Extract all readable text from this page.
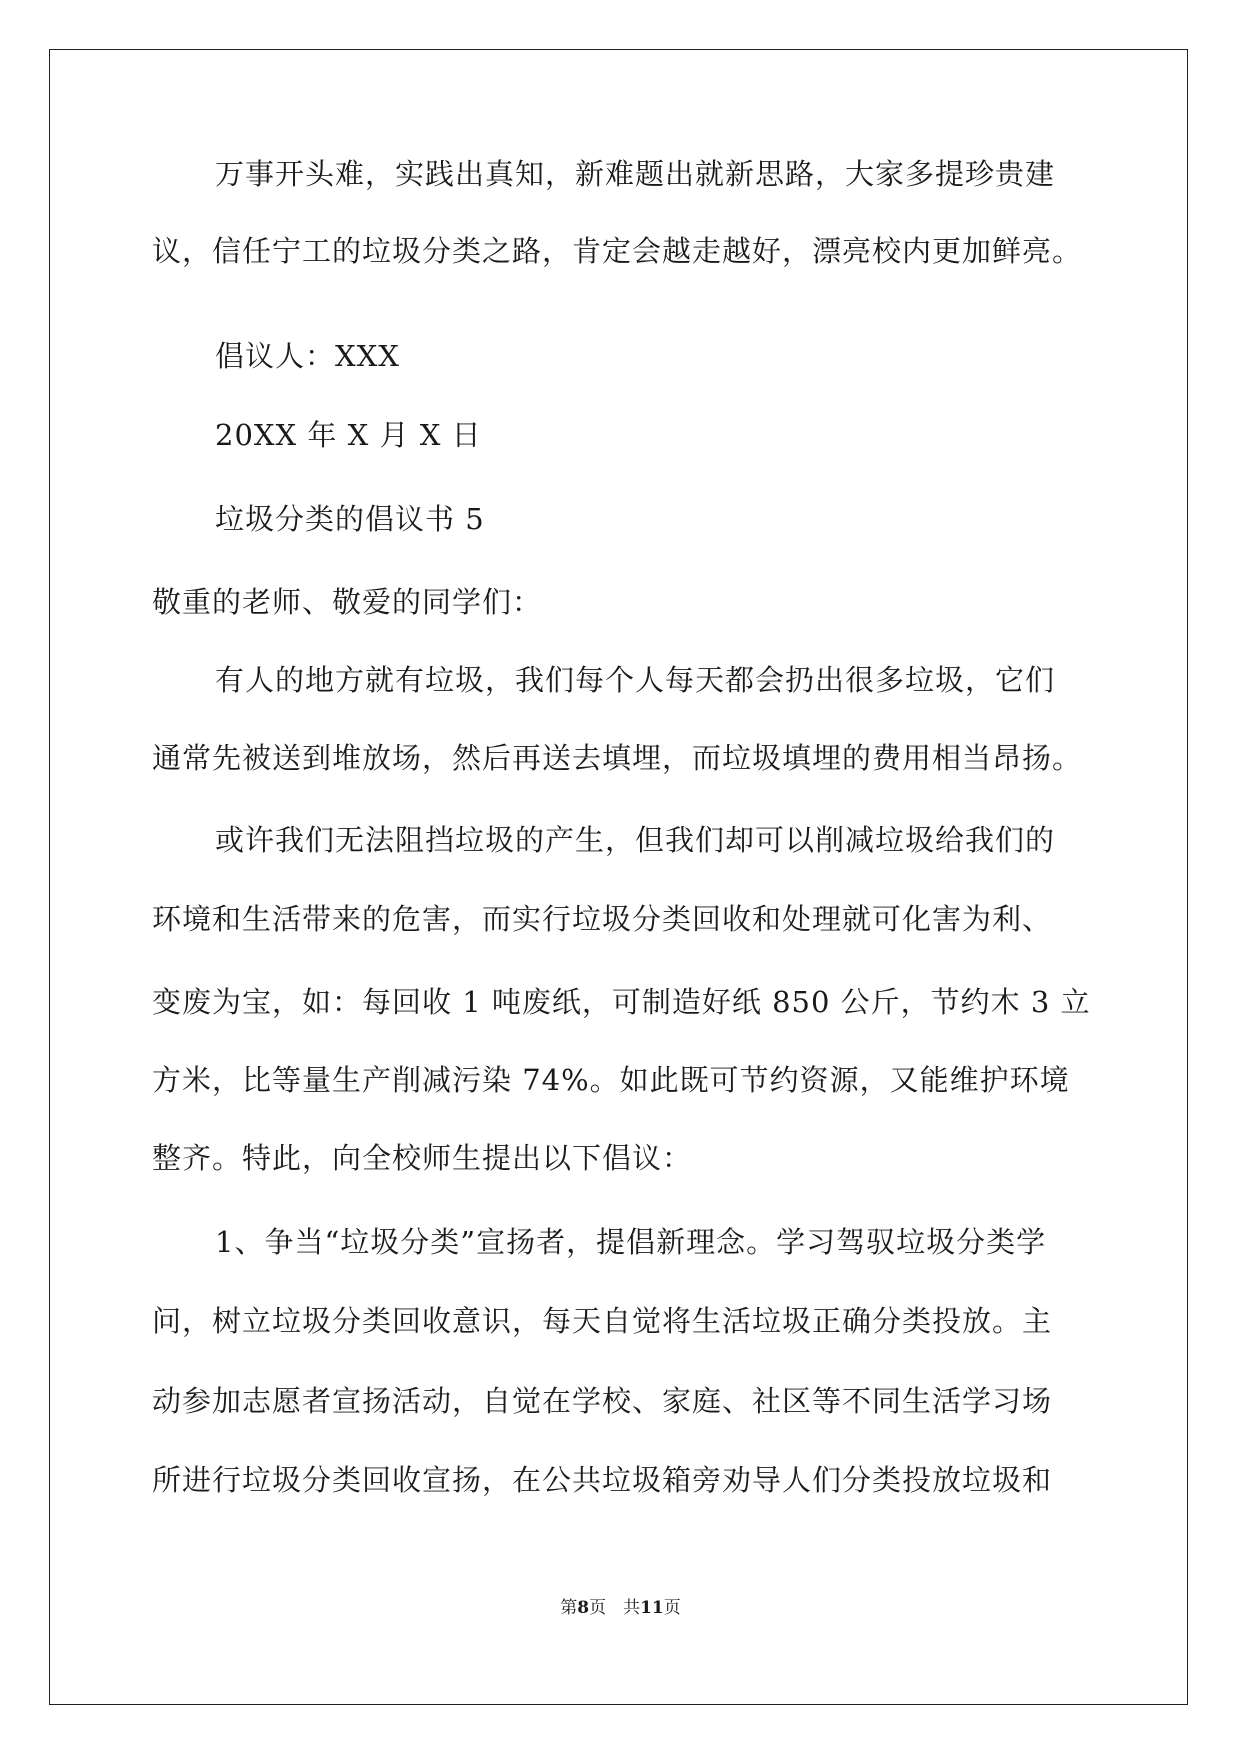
万事开头难，实践出真知，新难题出就新思路，大家多提珍贵建
议，信任宁工的垃圾分类之路，肯定会越走越好，漂亮校内更加鲜亮。
倡议人：XXX
20XX 年 X 月 X 日
垃圾分类的倡议书 5
敬重的老师、敬爱的同学们：
有人的地方就有垃圾，我们每个人每天都会扔出很多垃圾，它们
通常先被送到堆放场，然后再送去填埋，而垃圾填埋的费用相当昂扬。
或许我们无法阻挡垃圾的产生，但我们却可以削减垃圾给我们的
环境和生活带来的危害，而实行垃圾分类回收和处理就可化害为利、
变废为宝，如：每回收 1 吨废纸，可制造好纸 850 公斤，节约木 3 立
方米，比等量生产削减污染 74%。如此既可节约资源，又能维护环境
整齐。特此，向全校师生提出以下倡议：
1、争当“垃圾分类”宣扬者，提倡新理念。学习驾驭垃圾分类学
问，树立垃圾分类回收意识，每天自觉将生活垃圾正确分类投放。主
动参加志愿者宣扬活动，自觉在学校、家庭、社区等不同生活学习场
所进行垃圾分类回收宣扬，在公共垃圾箱旁劝导人们分类投放垃圾和
第8页　共11页
